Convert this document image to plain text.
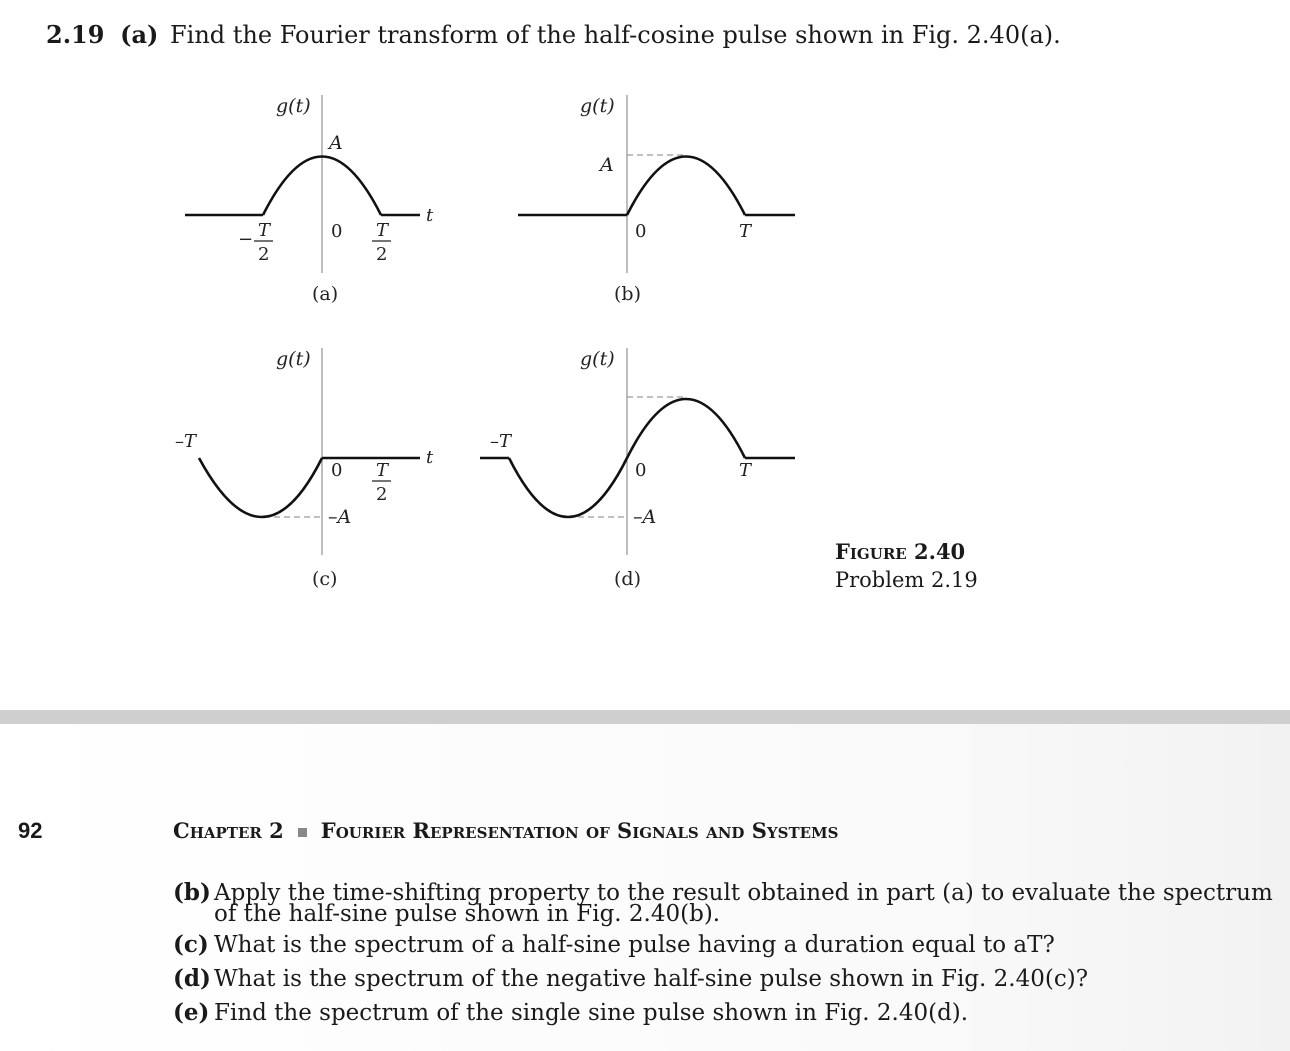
2.19 (a) Find the Fourier transform of the half-cosine pulse shown in Fig. 2.40(a).
g(t)
A
t
0
− T
2
T
2
(a)
g(t)
A
0	T
(b)
g(t)
–T
t
0 T
2
–A
(c)
g(t)
–T
0	T
–A
(d)
Figure 2.40
Problem 2.19
92	Chapter 2 Fourier Representation of Signals and Systems
(b) Apply the time-shifting property to the result obtained in part (a) to evaluate the spectrum
of the half-sine pulse shown in Fig. 2.40(b).
(c) What is the spectrum of a half-sine pulse having a duration equal to aT?
(d) What is the spectrum of the negative half-sine pulse shown in Fig. 2.40(c)?
(e) Find the spectrum of the single sine pulse shown in Fig. 2.40(d).
